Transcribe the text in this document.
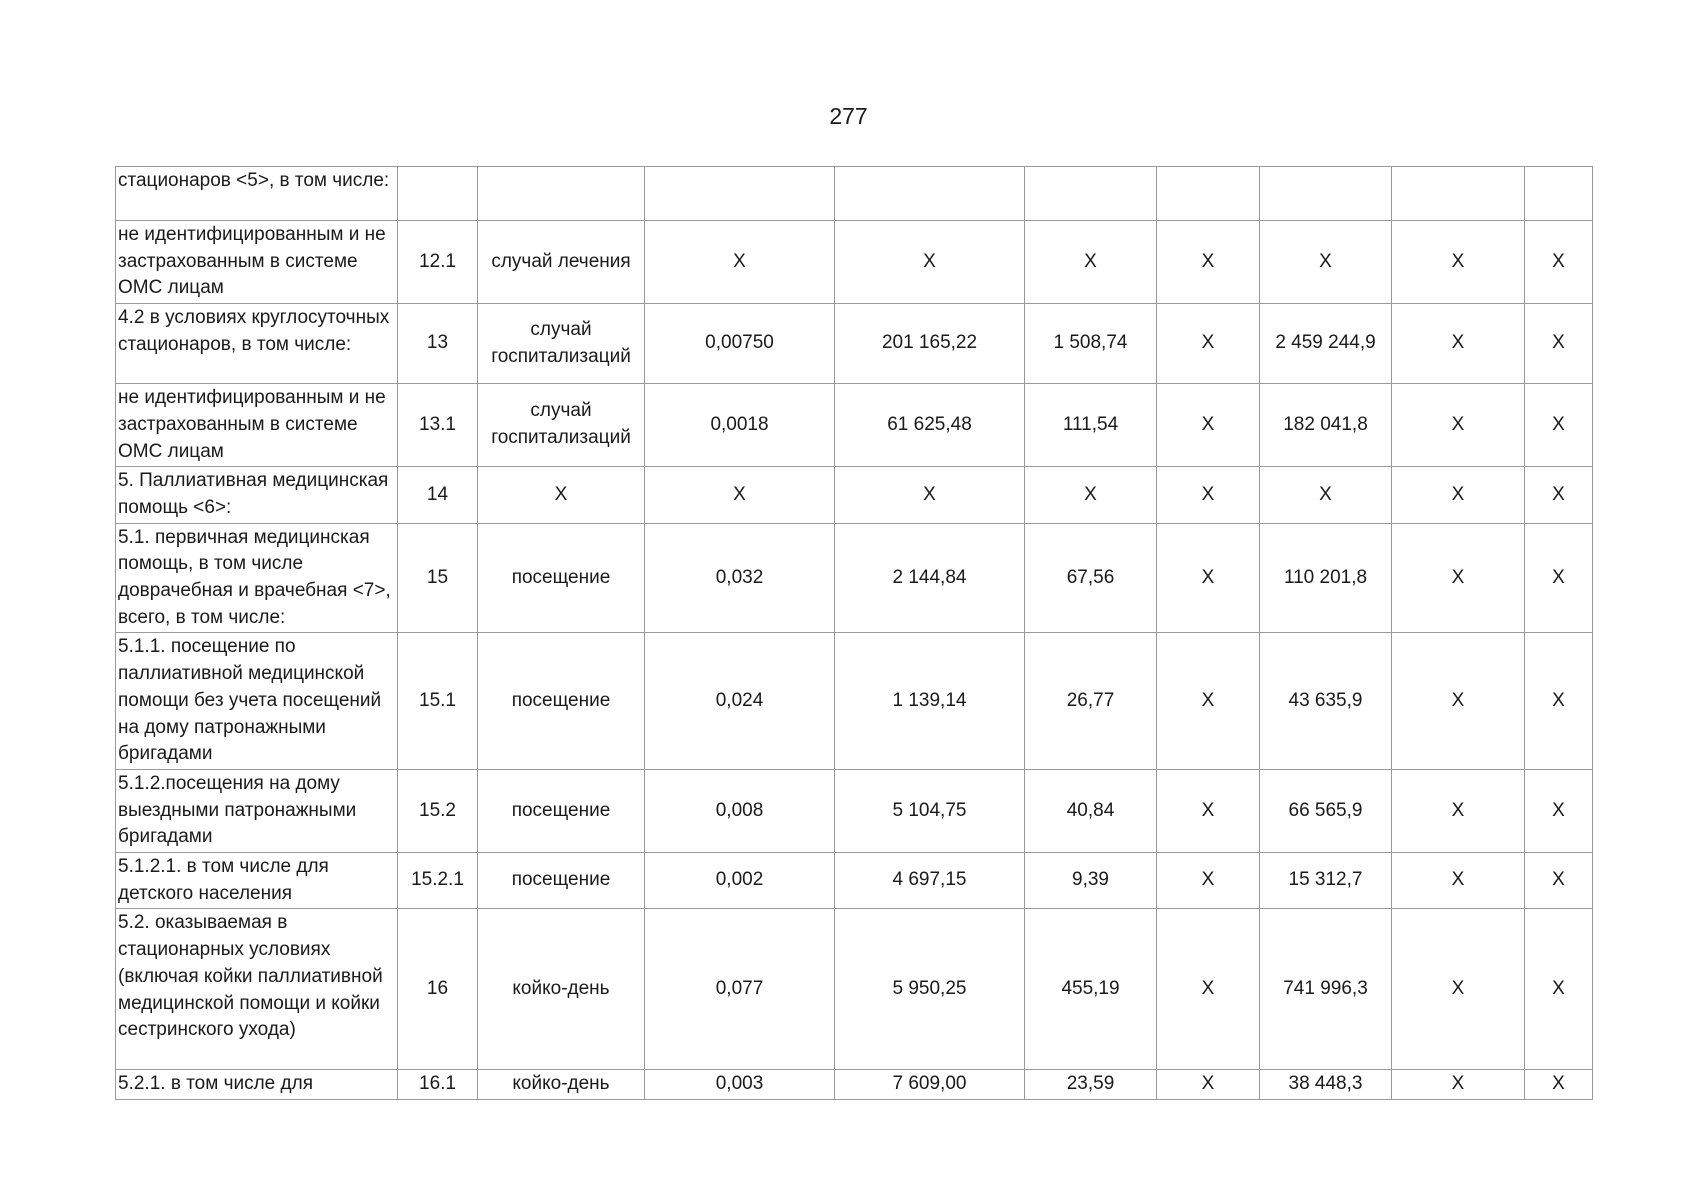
277
стационаров <5>, в том числе:									
не идентифицированным и не застрахованным в системе ОМС лицам	12.1	случай лечения	X	X	X	X	X	X	X
4.2 в условиях круглосуточных стационаров, в том числе:	13	случай госпитализаций	0,00750	201 165,22	1 508,74	X	2 459 244,9	X	X
не идентифицированным и не застрахованным в системе ОМС лицам	13.1	случай госпитализаций	0,0018	61 625,48	111,54	X	182 041,8	X	X
5. Паллиативная медицинская помощь <6>:	14	X	X	X	X	X	X	X	X
5.1. первичная медицинская помощь, в том числе доврачебная и врачебная <7>, всего, в том числе:	15	посещение	0,032	2 144,84	67,56	X	110 201,8	X	X
5.1.1. посещение по паллиативной медицинской помощи без учета посещений на дому патронажными бригадами	15.1	посещение	0,024	1 139,14	26,77	X	43 635,9	X	X
5.1.2.посещения на дому выездными патронажными бригадами	15.2	посещение	0,008	5 104,75	40,84	X	66 565,9	X	X
5.1.2.1. в том числе для детского населения	15.2.1	посещение	0,002	4 697,15	9,39	X	15 312,7	X	X
5.2. оказываемая в стационарных условиях (включая койки паллиативной медицинской помощи и койки сестринского ухода)	16	койко-день	0,077	5 950,25	455,19	X	741 996,3	X	X
5.2.1. в том числе для	16.1	койко-день	0,003	7 609,00	23,59	X	38 448,3	X	X
